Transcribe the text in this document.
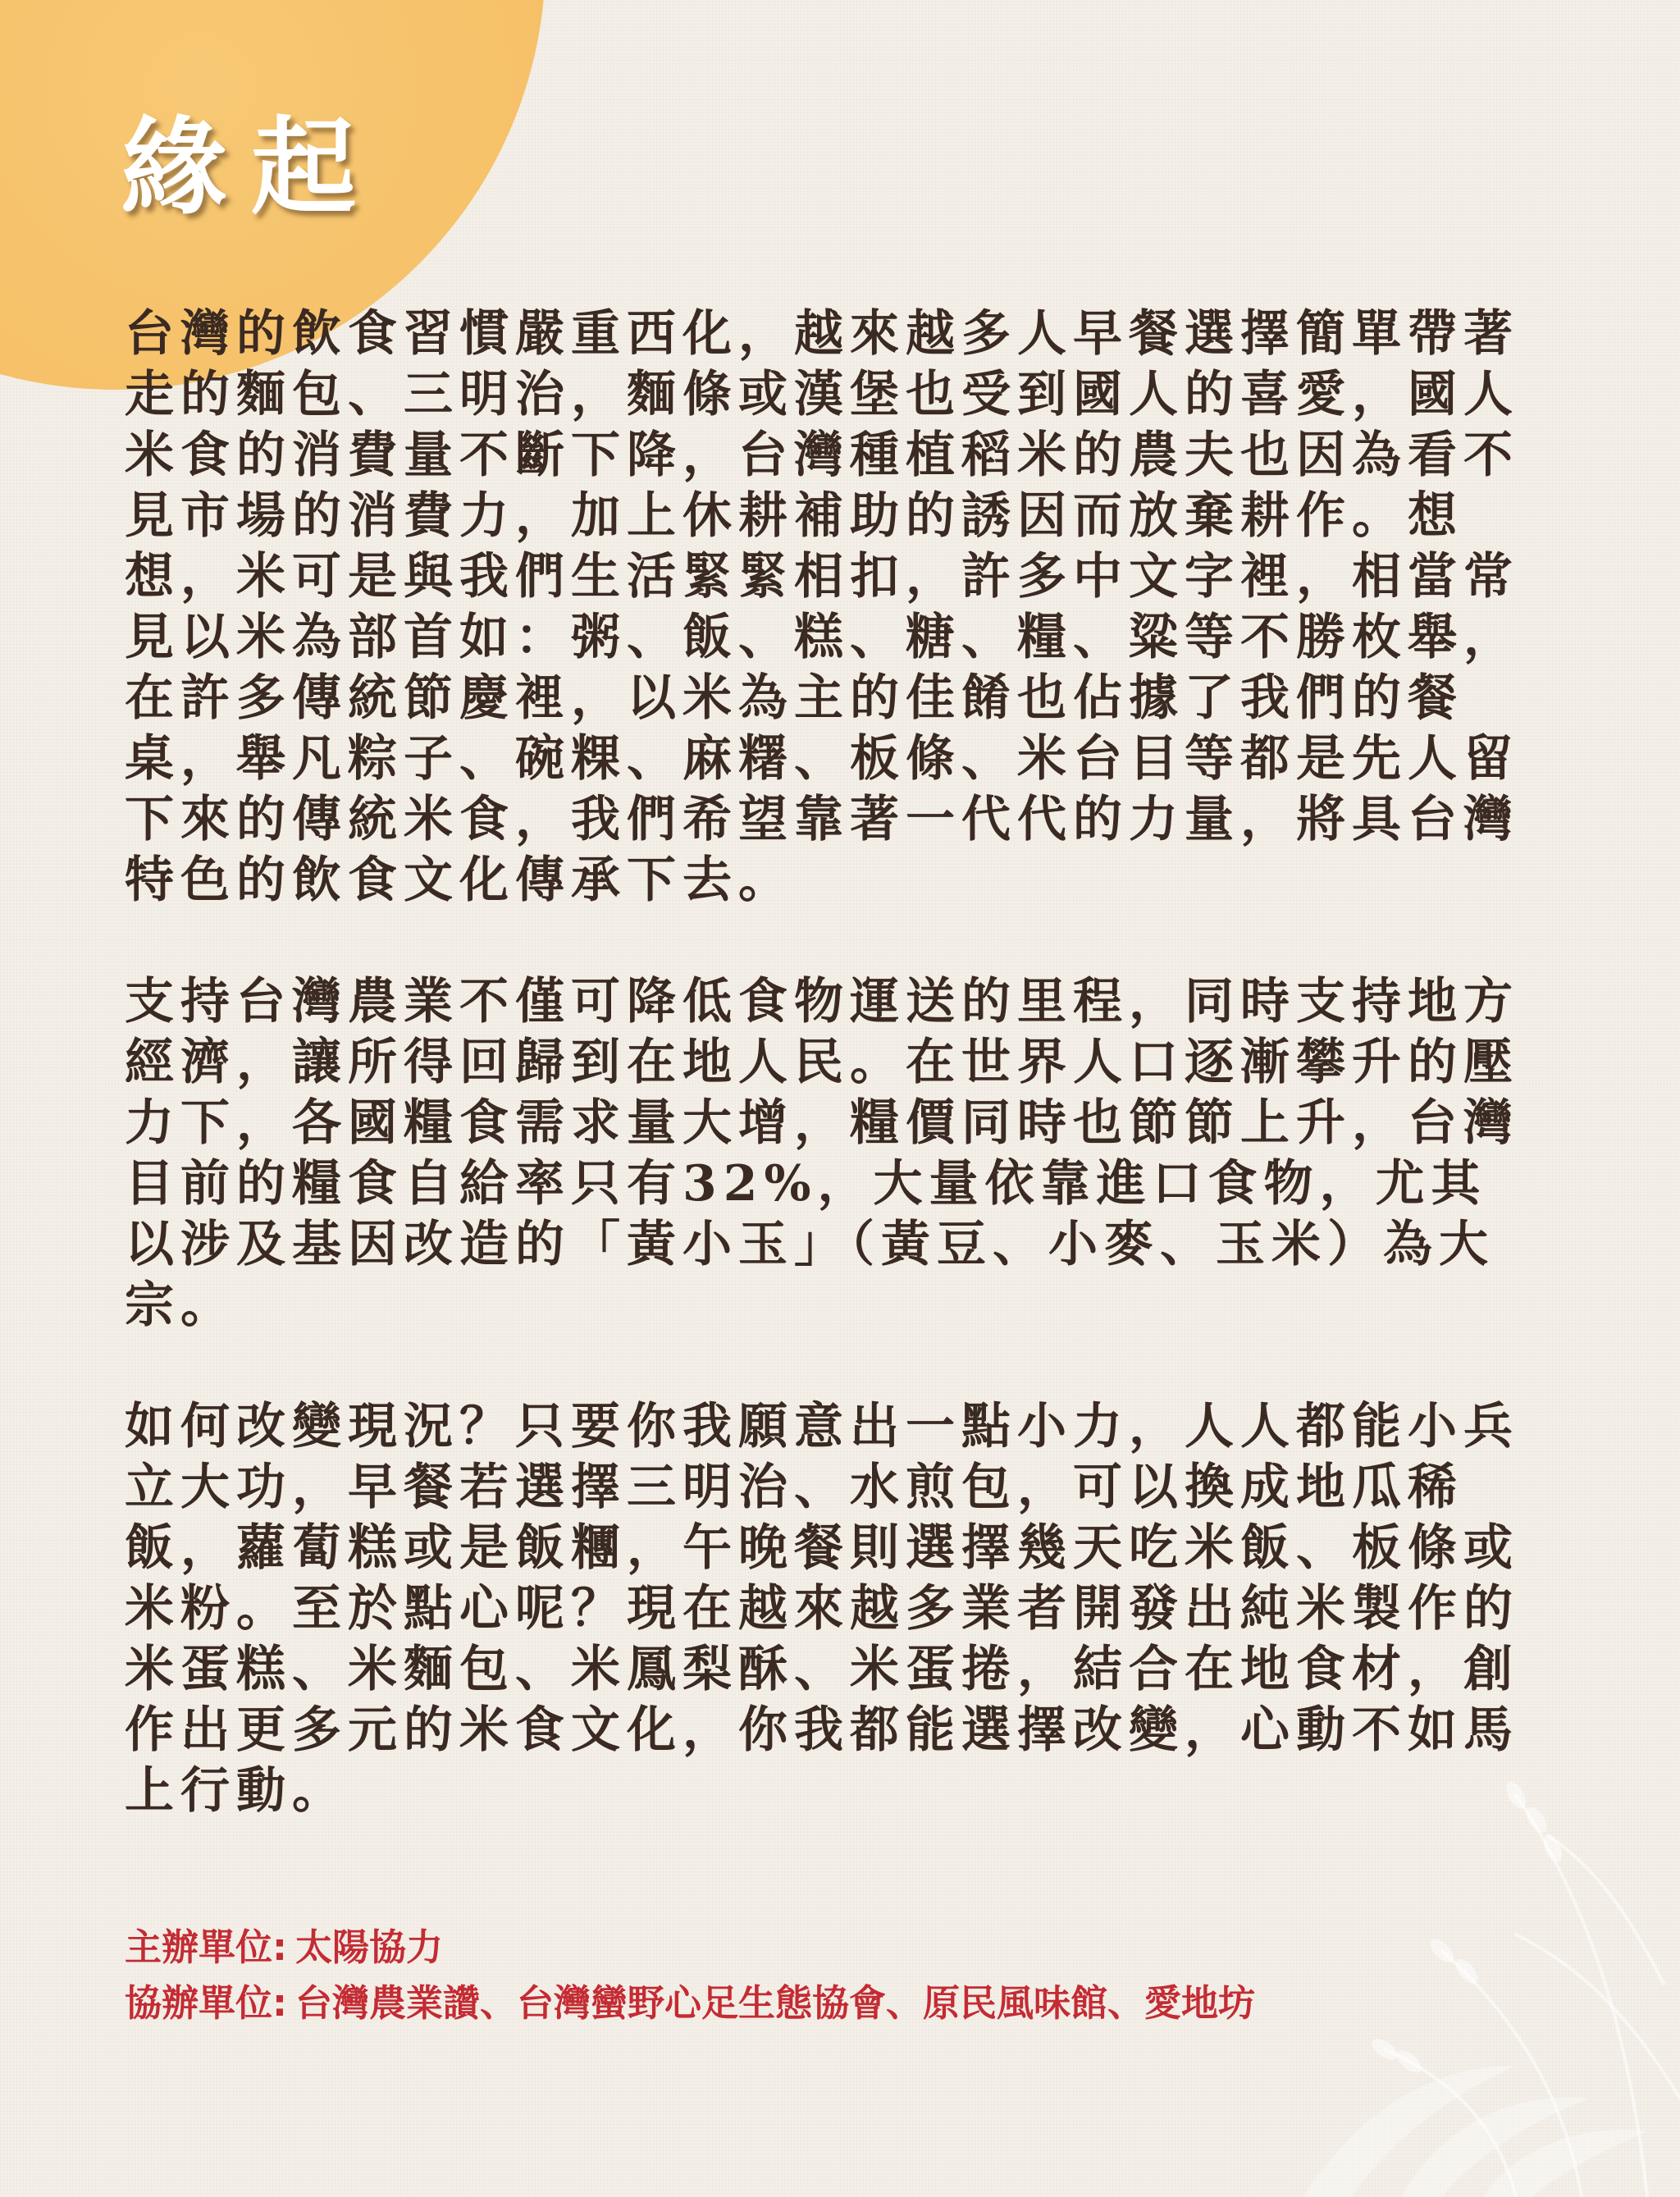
緣起

台灣的飲食習慣嚴重西化，越來越多人早餐選擇簡單帶著走的麵包、三明治，麵條或漢堡也受到國人的喜愛，國人米食的消費量不斷下降，台灣種植稻米的農夫也因為看不見市場的消費力，加上休耕補助的誘因而放棄耕作。想想，米可是與我們生活緊緊相扣，許多中文字裡，相當常見以米為部首如：粥、飯、糕、糖、糧、粱等不勝枚舉，在許多傳統節慶裡，以米為主的佳餚也佔據了我們的餐桌，舉凡粽子、碗粿、麻糬、板條、米台目等都是先人留下來的傳統米食，我們希望靠著一代代的力量，將具台灣特色的飲食文化傳承下去。

支持台灣農業不僅可降低食物運送的里程，同時支持地方經濟，讓所得回歸到在地人民。在世界人口逐漸攀升的壓力下，各國糧食需求量大增，糧價同時也節節上升，台灣目前的糧食自給率只有32%，大量依靠進口食物，尤其以涉及基因改造的「黃小玉」（黃豆、小麥、玉米）為大宗。

如何改變現況？只要你我願意出一點小力，人人都能小兵立大功，早餐若選擇三明治、水煎包，可以換成地瓜稀飯，蘿蔔糕或是飯糰，午晚餐則選擇幾天吃米飯、板條或米粉。至於點心呢？現在越來越多業者開發出純米製作的米蛋糕、米麵包、米鳳梨酥、米蛋捲，結合在地食材，創作出更多元的米食文化，你我都能選擇改變，心動不如馬上行動。

主辦單位: 太陽協力

協辦單位: 台灣農業讚、台灣蠻野心足生態協會、原民風味館、愛地坊
